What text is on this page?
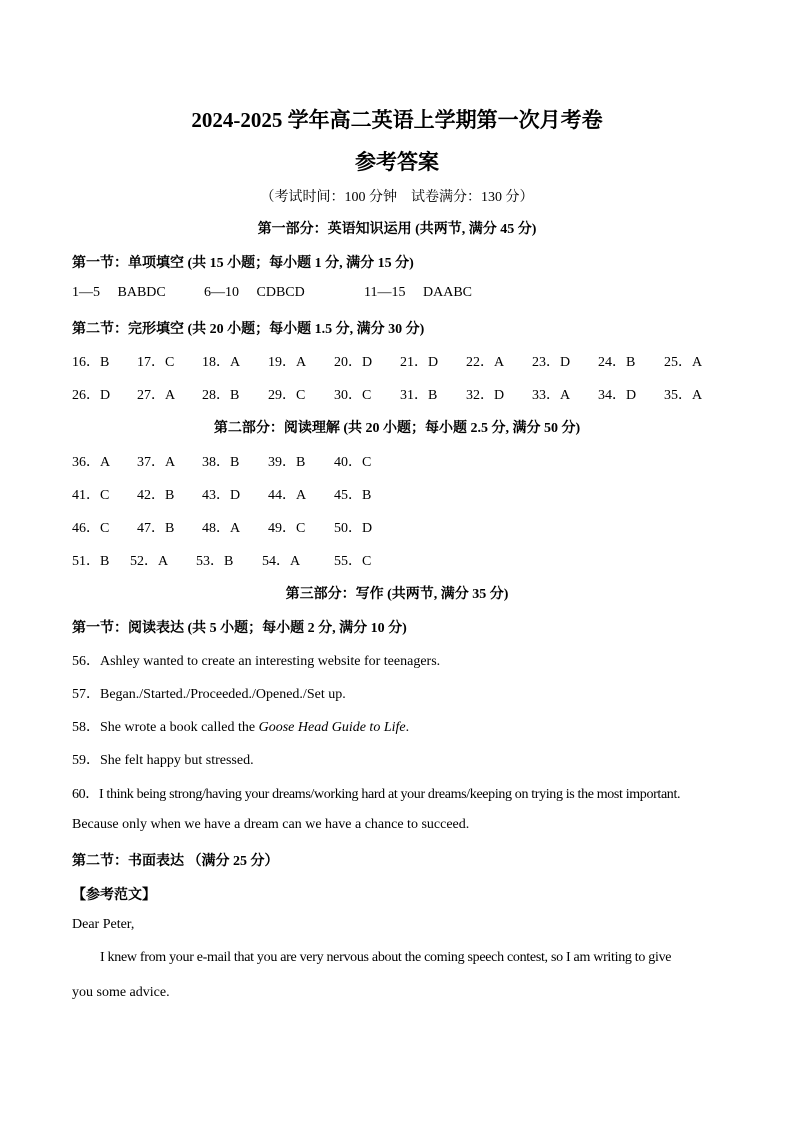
2024-2025 学年高二英语上学期第一次月考卷
参考答案
（考试时间：100 分钟　试卷满分：130 分）
第一部分：英语知识运用 (共两节, 满分 45 分)
第一节：单项填空 (共 15 小题；每小题 1 分, 满分 15 分)
1—5 BABDC	6—10 CDBCD	11—15 DAABC
第二节：完形填空 (共 20 小题；每小题 1.5 分, 满分 30 分)
16．B 17．C 18．A 19．A 20．D 21．D 22．A 23．D 24．B 25．A
26．D 27．A 28．B 29．C 30．C 31．B 32．D 33．A 34．D 35．A
第二部分：阅读理解 (共 20 小题；每小题 2.5 分, 满分 50 分)
36．A 37．A 38．B 39．B 40．C
41．C 42．B 43．D 44．A 45．B
46．C 47．B 48．A 49．C 50．D
51．B 52．A 53．B 54．A 55．C
第三部分：写作 (共两节, 满分 35 分)
第一节：阅读表达 (共 5 小题；每小题 2 分, 满分 10 分)
56．Ashley wanted to create an interesting website for teenagers.
57．Began./Started./Proceeded./Opened./Set up.
58．She wrote a book called the Goose Head Guide to Life.
59．She felt happy but stressed.
60．I think being strong/having your dreams/working hard at your dreams/keeping on trying is the most important.
Because only when we have a dream can we have a chance to succeed.
第二节：书面表达 （满分 25 分）
【参考范文】
Dear Peter,
I knew from your e-mail that you are very nervous about the coming speech contest, so I am writing to give
you some advice.
